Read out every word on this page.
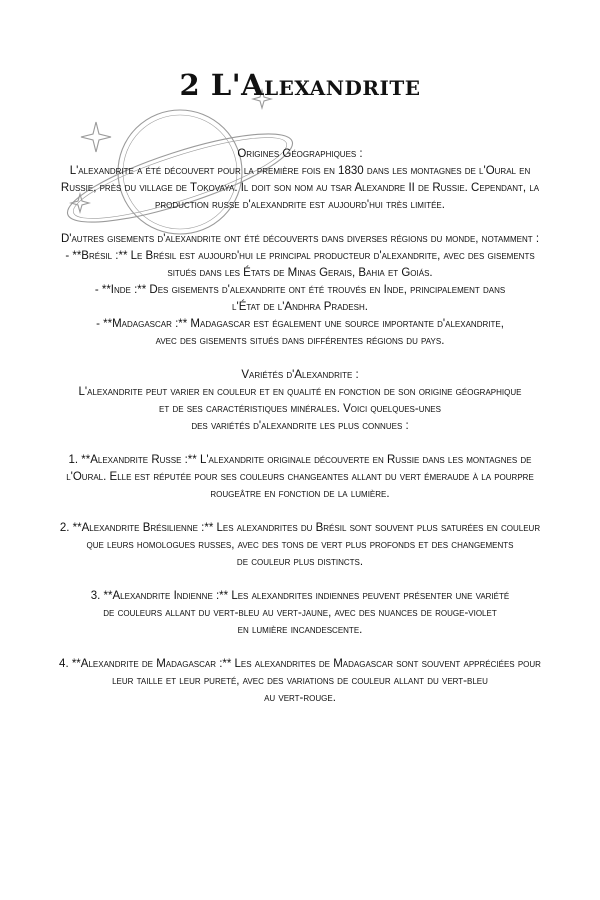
2 L'Alexandrite

Origines Géographiques :

L'alexandrite a été découvert pour la première fois en 1830 dans les montagnes de l'Oural en

Russie, près du village de Tokovaya. Il doit son nom au tsar Alexandre II de Russie. Cependant, la

production russe d'alexandrite est aujourd'hui très limitée.

D'autres gisements d'alexandrite ont été découverts dans diverses régions du monde, notamment :

- **Brésil :** Le Brésil est aujourd'hui le principal producteur d'alexandrite, avec des gisements

situés dans les États de Minas Gerais, Bahia et Goiás.

- **Inde :** Des gisements d'alexandrite ont été trouvés en Inde, principalement dans

l'État de l'Andhra Pradesh.

- **Madagascar :** Madagascar est également une source importante d'alexandrite,

avec des gisements situés dans différentes régions du pays.

Variétés d'Alexandrite :

L'alexandrite peut varier en couleur et en qualité en fonction de son origine géographique

et de ses caractéristiques minérales. Voici quelques-unes

des variétés d'alexandrite les plus connues :

1. **Alexandrite Russe :** L'alexandrite originale découverte en Russie dans les montagnes de

l'Oural. Elle est réputée pour ses couleurs changeantes allant du vert émeraude à la pourpre

rougeâtre en fonction de la lumière.

2. **Alexandrite Brésilienne :** Les alexandrites du Brésil sont souvent plus saturées en couleur

que leurs homologues russes, avec des tons de vert plus profonds et des changements

de couleur plus distincts.

3. **Alexandrite Indienne :** Les alexandrites indiennes peuvent présenter une variété

de couleurs allant du vert-bleu au vert-jaune, avec des nuances de rouge-violet

en lumière incandescente.

4. **Alexandrite de Madagascar :** Les alexandrites de Madagascar sont souvent appréciées pour

leur taille et leur pureté, avec des variations de couleur allant du vert-bleu

au vert-rouge.
